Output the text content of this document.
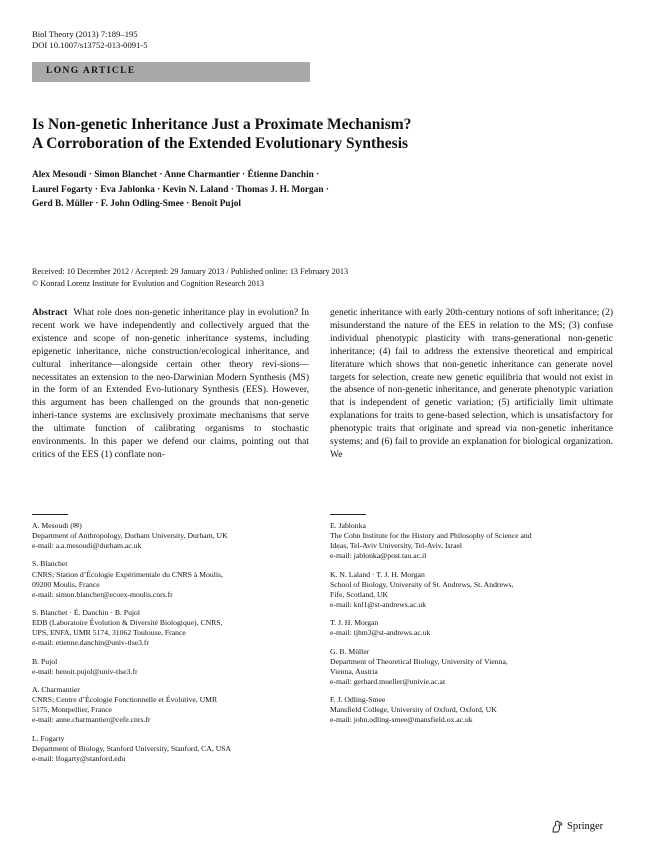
Biol Theory (2013) 7:189–195
DOI 10.1007/s13752-013-0091-5
LONG ARTICLE
Is Non-genetic Inheritance Just a Proximate Mechanism?
A Corroboration of the Extended Evolutionary Synthesis
Alex Mesoudi · Simon Blanchet · Anne Charmantier · Étienne Danchin ·
Laurel Fogarty · Eva Jablonka · Kevin N. Laland · Thomas J. H. Morgan ·
Gerd B. Müller · F. John Odling-Smee · Benoît Pujol
Received: 10 December 2012 / Accepted: 29 January 2013 / Published online: 13 February 2013
© Konrad Lorenz Institute for Evolution and Cognition Research 2013
Abstract What role does non-genetic inheritance play in evolution? In recent work we have independently and collectively argued that the existence and scope of non-genetic inheritance systems, including epigenetic inheritance, niche construction/ecological inheritance, and cultural inheritance—alongside certain other theory revi-sions—necessitates an extension to the neo-Darwinian Modern Synthesis (MS) in the form of an Extended Evo-lutionary Synthesis (EES). However, this argument has been challenged on the grounds that non-genetic inheri-tance systems are exclusively proximate mechanisms that serve the ultimate function of calibrating organisms to stochastic environments. In this paper we defend our claims, pointing out that critics of the EES (1) conflate non-
genetic inheritance with early 20th-century notions of soft inheritance; (2) misunderstand the nature of the EES in relation to the MS; (3) confuse individual phenotypic plasticity with trans-generational non-genetic inheritance; (4) fail to address the extensive theoretical and empirical literature which shows that non-genetic inheritance can generate novel targets for selection, create new genetic equilibria that would not exist in the absence of non-genetic inheritance, and generate phenotypic variation that is independent of genetic variation; (5) artificially limit ultimate explanations for traits to gene-based selection, which is unsatisfactory for phenotypic traits that originate and spread via non-genetic inheritance systems; and (6) fail to provide an explanation for biological organization. We
A. Mesoudi (✉)
Department of Anthropology, Durham University, Durham, UK
e-mail: a.a.mesoudi@durham.ac.uk
S. Blanchet
CNRS; Station d’Écologie Expérimentale du CNRS à Moulis,
09200 Moulis, France
e-mail: simon.blanchet@ecoex-moulis.cnrs.fr
S. Blanchet · É. Danchin · B. Pujol
EDB (Laboratoire Évolution & Diversité Biologique), CNRS,
UPS, ENFA, UMR 5174, 31062 Toulouse, France
e-mail: etienne.danchin@univ-tlse3.fr
B. Pujol
e-mail: benoit.pujol@univ-tlse3.fr
A. Charmantier
CNRS; Centre d’Écologie Fonctionnelle et Évolutive, UMR
5175, Montpellier, France
e-mail: anne.charmantier@cefe.cnrs.fr
L. Fogarty
Department of Biology, Stanford University, Stanford, CA, USA
e-mail: lfogarty@stanford.edu
E. Jablonka
The Cohn Institute for the History and Philosophy of Science and
Ideas, Tel-Aviv University, Tel-Aviv, Israel
e-mail: jablonka@post.tau.ac.il
K. N. Laland · T. J. H. Morgan
School of Biology, University of St. Andrews, St. Andrews,
Fife, Scotland, UK
e-mail: knl1@st-andrews.ac.uk
T. J. H. Morgan
e-mail: tjhm3@st-andrews.ac.uk
G. B. Müller
Department of Theoretical Biology, University of Vienna,
Vienna, Austria
e-mail: gerhard.mueller@univie.ac.at
F. J. Odling-Smee
Mansfield College, University of Oxford, Oxford, UK
e-mail: john.odling-smee@mansfield.ox.ac.uk
Springer
